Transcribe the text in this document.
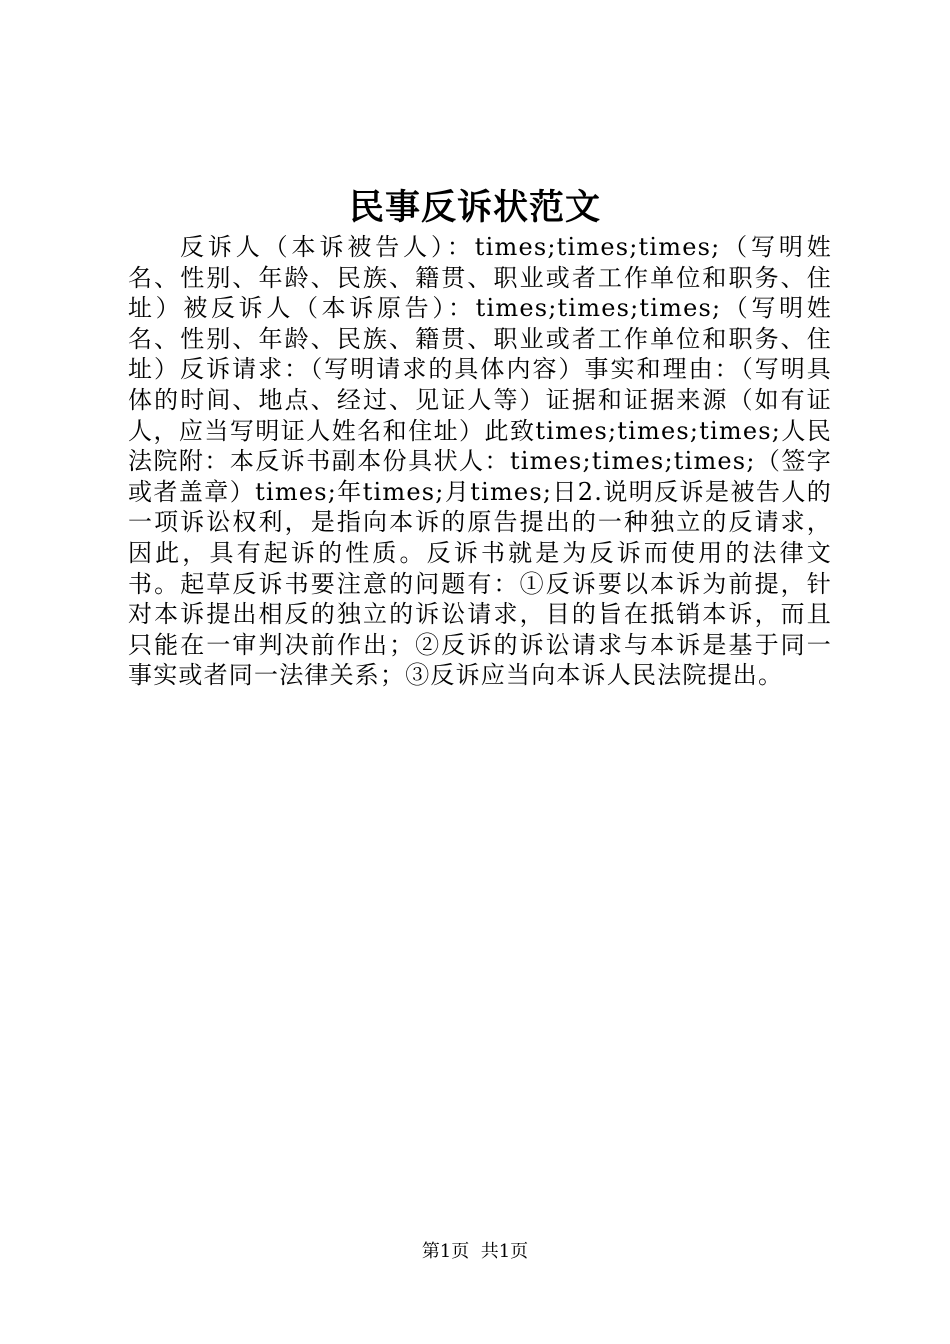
民事反诉状范文

反诉人（本诉被告人）：times;times;times;（写明姓名、性别、年龄、民族、籍贯、职业或者工作单位和职务、住址）被反诉人（本诉原告）：times;times;times;（写明姓名、性别、年龄、民族、籍贯、职业或者工作单位和职务、住址）反诉请求：（写明请求的具体内容）事实和理由：（写明具体的时间、地点、经过、见证人等）证据和证据来源（如有证人，应当写明证人姓名和住址）此致times;times;times;人民法院附：本反诉书副本份具状人：times;times;times;（签字或者盖章）times;年times;月times;日2.说明反诉是被告人的一项诉讼权利，是指向本诉的原告提出的一种独立的反请求，因此，具有起诉的性质。反诉书就是为反诉而使用的法律文书。起草反诉书要注意的问题有：①反诉要以本诉为前提，针对本诉提出相反的独立的诉讼请求，目的旨在抵销本诉，而且只能在一审判决前作出；②反诉的诉讼请求与本诉是基于同一事实或者同一法律关系；③反诉应当向本诉人民法院提出。

第1页 共1页
